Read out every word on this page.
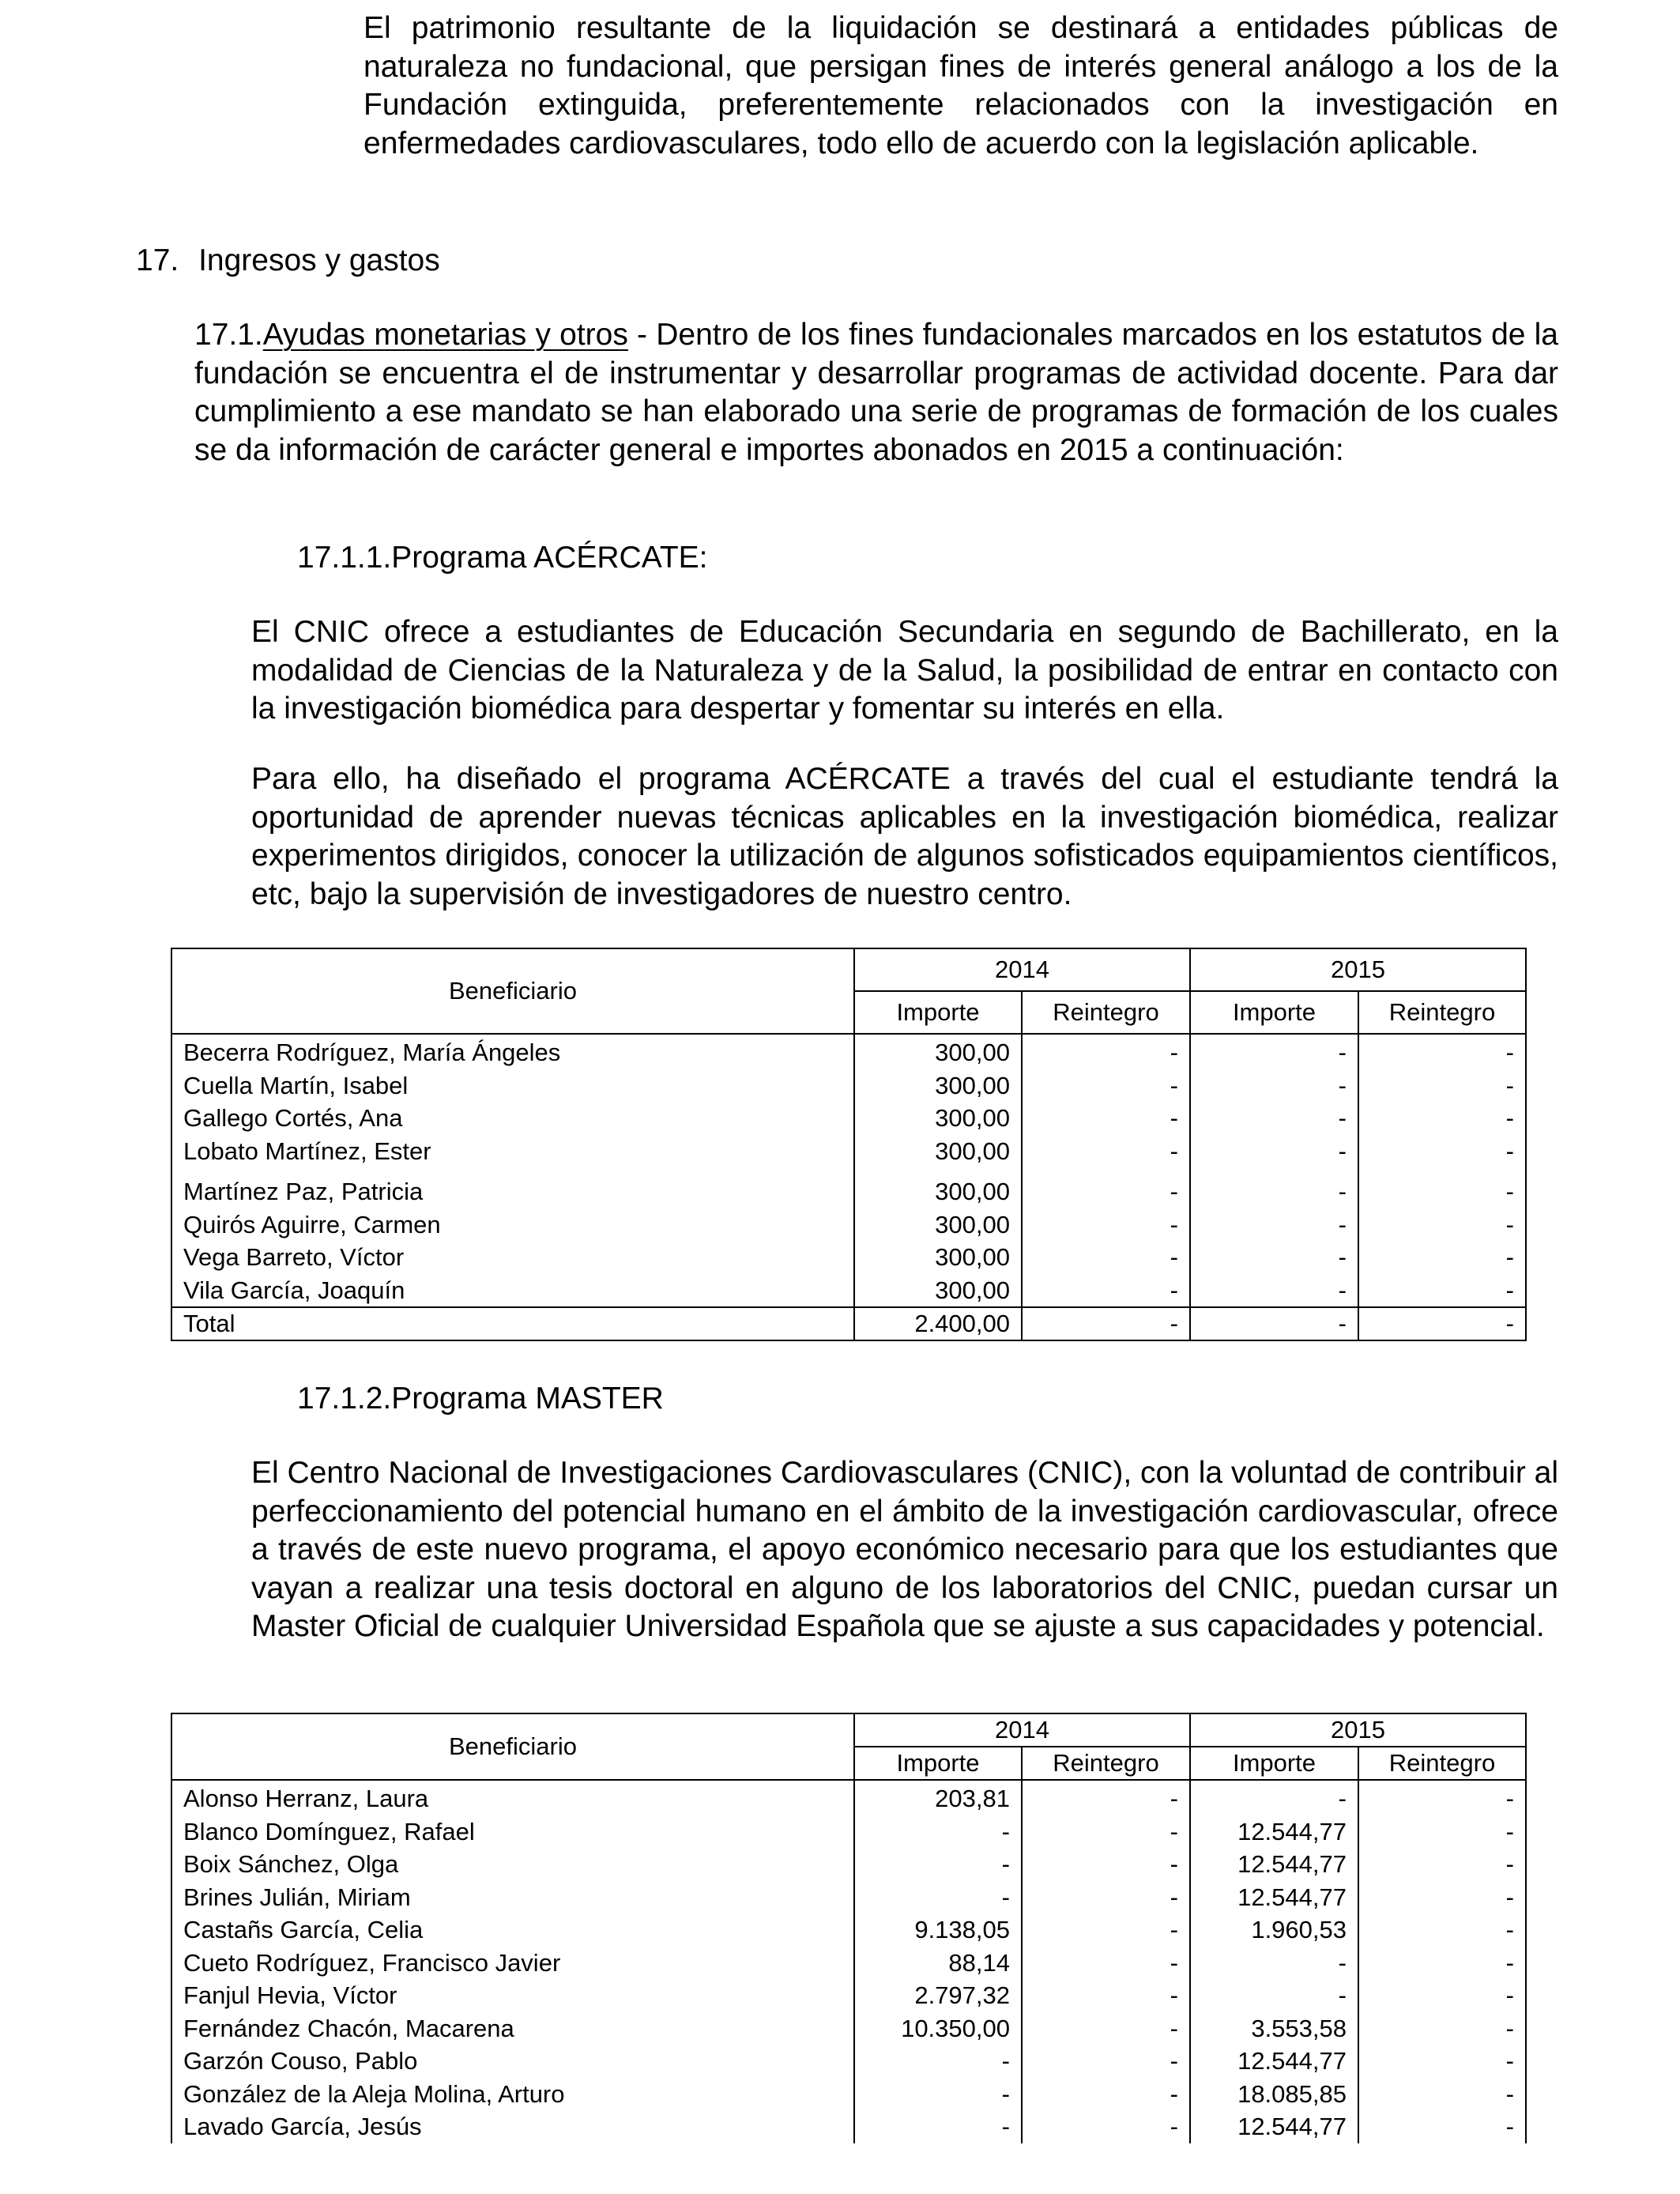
El patrimonio resultante de la liquidación se destinará a entidades públicas de naturaleza no fundacional, que persigan fines de interés general análogo a los de la Fundación extinguida, preferentemente relacionados con la investigación en enfermedades cardiovasculares, todo ello de acuerdo con la legislación aplicable.

17. Ingresos y gastos

17.1.Ayudas monetarias y otros - Dentro de los fines fundacionales marcados en los estatutos de la fundación se encuentra el de instrumentar y desarrollar programas de actividad docente. Para dar cumplimiento a ese mandato se han elaborado una serie de programas de formación de los cuales se da información de carácter general e importes abonados en 2015 a continuación:

17.1.1.Programa ACÉRCATE:

El CNIC ofrece a estudiantes de Educación Secundaria en segundo de Bachillerato, en la modalidad de Ciencias de la Naturaleza y de la Salud, la posibilidad de entrar en contacto con la investigación biomédica para despertar y fomentar su interés en ella.

Para ello, ha diseñado el programa ACÉRCATE a través del cual el estudiante tendrá la oportunidad de aprender nuevas técnicas aplicables en la investigación biomédica, realizar experimentos dirigidos, conocer la utilización de algunos sofisticados equipamientos científicos, etc, bajo la supervisión de investigadores de nuestro centro.

Beneficiario	2014		2015	
	Importe	Reintegro	Importe	Reintegro
Becerra Rodríguez, María Ángeles	300,00	-	-	-
Cuella Martín, Isabel	300,00	-	-	-
Gallego Cortés, Ana	300,00	-	-	-
Lobato Martínez, Ester	300,00	-	-	-
Martínez Paz, Patricia	300,00	-	-	-
Quirós Aguirre, Carmen	300,00	-	-	-
Vega Barreto, Víctor	300,00	-	-	-
Vila García, Joaquín	300,00	-	-	-
Total	2.400,00	-	-	-
17.1.2.Programa MASTER

El Centro Nacional de Investigaciones Cardiovasculares (CNIC), con la voluntad de contribuir al perfeccionamiento del potencial humano en el ámbito de la investigación cardiovascular, ofrece a través de este nuevo programa, el apoyo económico necesario para que los estudiantes que vayan a realizar una tesis doctoral en alguno de los laboratorios del CNIC, puedan cursar un Master Oficial de cualquier Universidad Española que se ajuste a sus capacidades y potencial.

Beneficiario	2014		2015	
	Importe	Reintegro	Importe	Reintegro
Alonso Herranz, Laura	203,81	-	-	-
Blanco Domínguez, Rafael	-	-	12.544,77	-
Boix Sánchez, Olga	-	-	12.544,77	-
Brines Julián, Miriam	-	-	12.544,77	-
Castañs García, Celia	9.138,05	-	1.960,53	-
Cueto Rodríguez, Francisco Javier	88,14	-	-	-
Fanjul Hevia, Víctor	2.797,32	-	-	-
Fernández Chacón, Macarena	10.350,00	-	3.553,58	-
Garzón Couso, Pablo	-	-	12.544,77	-
González de la Aleja Molina, Arturo	-	-	18.085,85	-
Lavado García, Jesús	-	-	12.544,77	-
